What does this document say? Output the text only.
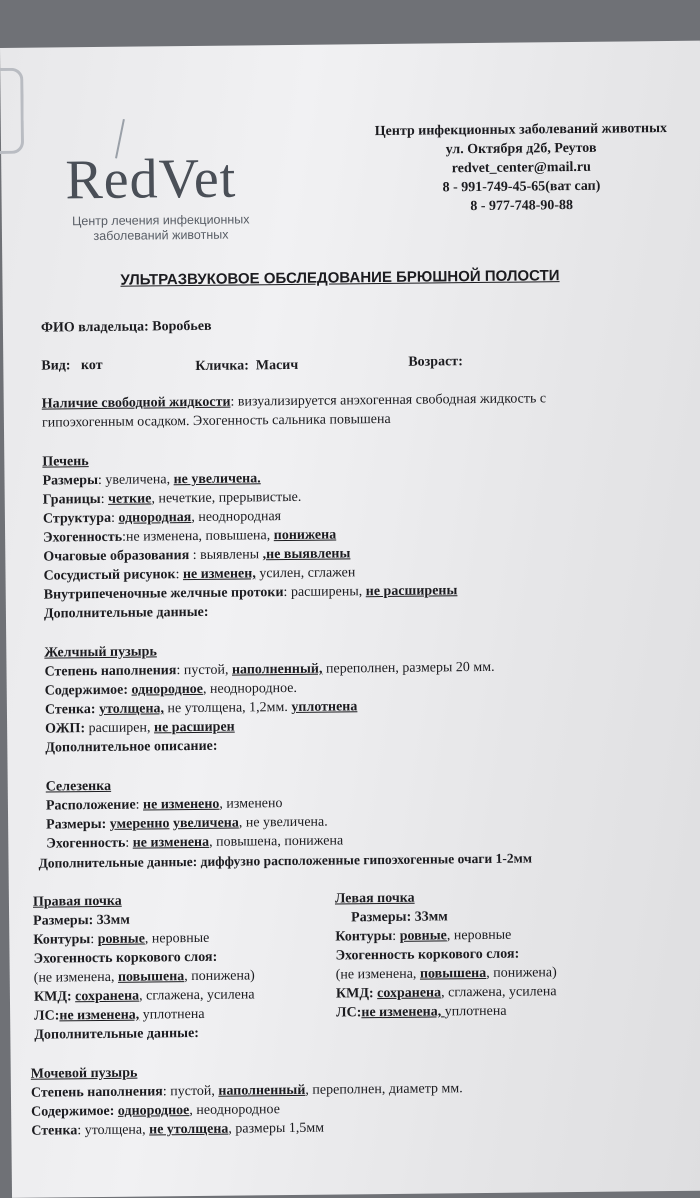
RedVet
Центр лечения инфекционных
заболеваний животных
Центр инфекционных заболеваний животных
ул. Октября д2б, Реутов
redvet_center@mail.ru
8 - 991-749-45-65(ват сап)
8 - 977-748-90-88
УЛЬТРАЗВУКОВОЕ ОБСЛЕДОВАНИЕ БРЮШНОЙ ПОЛОСТИ
ФИО владельца: Воробьев
Вид: кот	Кличка: Масич	Возраст:
Наличие свободной жидкости: визуализируется анэхогенная свободная жидкость с
гипоэхогенным осадком. Эхогенность сальника повышена
Печень
Размеры: увеличена, не увеличена.
Границы: четкие, нечеткие, прерывистые.
Структура: однородная, неоднородная
Эхогенность:не изменена, повышена, понижена
Очаговые образования : выявлены ,не выявлены
Сосудистый рисунок: не изменен, усилен, сглажен
Внутрипеченочные желчные протоки: расширены, не расширены
Дополнительные данные:
Желчный пузырь
Степень наполнения: пустой, наполненный, переполнен, размеры 20 мм.
Содержимое: однородное, неоднородное.
Стенка: утолщена, не утолщена, 1,2мм. уплотнена
ОЖП: расширен, не расширен
Дополнительное описание:
Селезенка
Расположение: не изменено, изменено
Размеры: умеренно увеличена, не увеличена.
Эхогенность: не изменена, повышена, понижена
Дополнительные данные: диффузно расположенные гипоэхогенные очаги 1-2мм
Правая почка
Размеры: 33мм
Контуры: ровные, неровные
Эхогенность коркового слоя:
(не изменена, повышена, понижена)
КМД: сохранена, сглажена, усилена
ЛС:не изменена, уплотнена
Дополнительные данные:
Левая почка
Размеры: 33мм
Контуры: ровные, неровные
Эхогенность коркового слоя:
(не изменена, повышена, понижена)
КМД: сохранена, сглажена, усилена
ЛС:не изменена, уплотнена
Мочевой пузырь
Степень наполнения: пустой, наполненный, переполнен, диаметр мм.
Содержимое: однородное, неоднородное
Стенка: утолщена, не утолщена, размеры 1,5мм
